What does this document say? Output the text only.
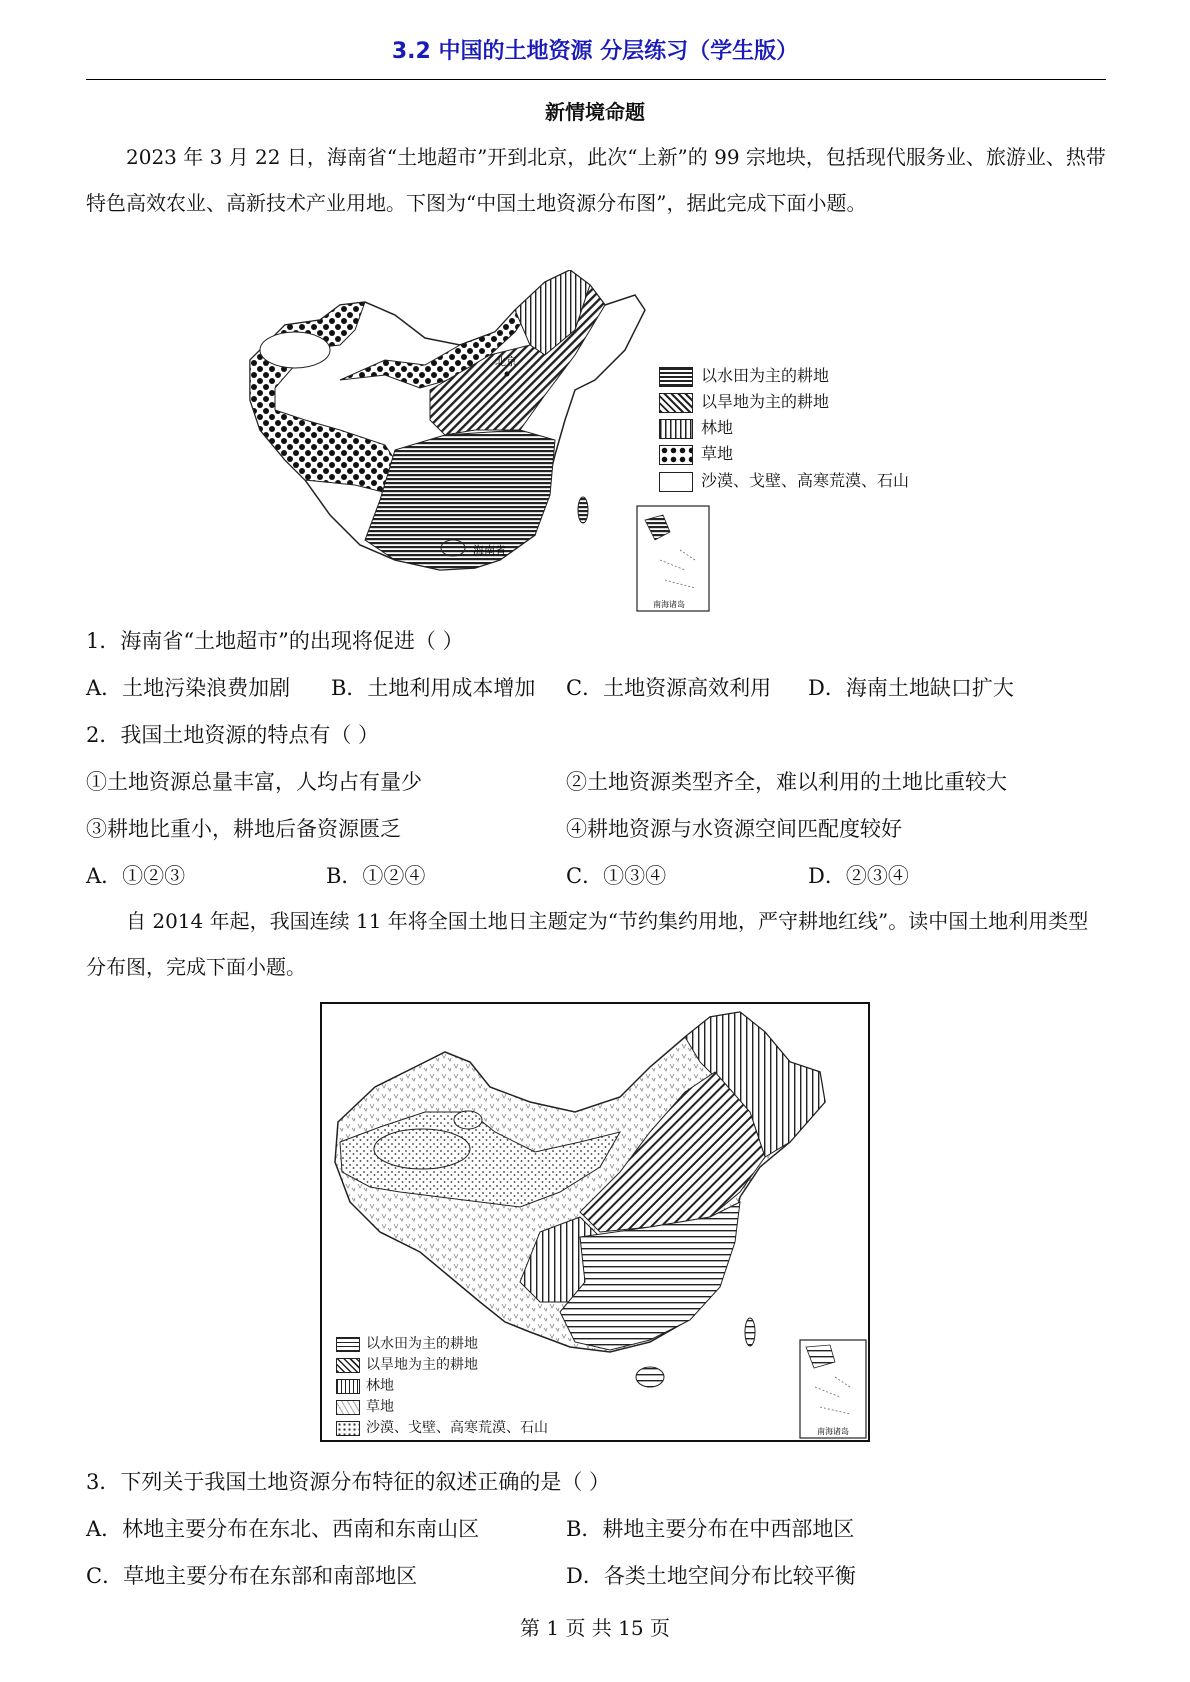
3.2 中国的土地资源 分层练习（学生版）
新情境命题
2023 年 3 月 22 日，海南省“土地超市”开到北京，此次“上新”的 99 宗地块，包括现代服务业、旅游业、热带特色高效农业、高新技术产业用地。下图为“中国土地资源分布图”，据此完成下面小题。
海南省
北京
南海诸岛
以水田为主的耕地
以旱地为主的耕地
林地
草地
沙漠、戈壁、高寒荒漠、石山
1．海南省“土地超市”的出现将促进（ ）
A．土地污染浪费加剧 B．土地利用成本增加 C．土地资源高效利用 D．海南土地缺口扩大
2．我国土地资源的特点有（ ）
①土地资源总量丰富，人均占有量少	②土地资源类型齐全，难以利用的土地比重较大
③耕地比重小，耕地后备资源匮乏	④耕地资源与水资源空间匹配度较好
A．①②③	B．①②④	C．①③④	D．②③④
自 2014 年起，我国连续 11 年将全国土地日主题定为“节约集约用地，严守耕地红线”。读中国土地利用类型分布图，完成下面小题。
南海诸岛
以水田为主的耕地
以旱地为主的耕地
林地
草地
沙漠、戈壁、高寒荒漠、石山
3．下列关于我国土地资源分布特征的叙述正确的是（ ）
A．林地主要分布在东北、西南和东南山区	B．耕地主要分布在中西部地区
C．草地主要分布在东部和南部地区	D．各类土地空间分布比较平衡
第 1 页 共 15 页
